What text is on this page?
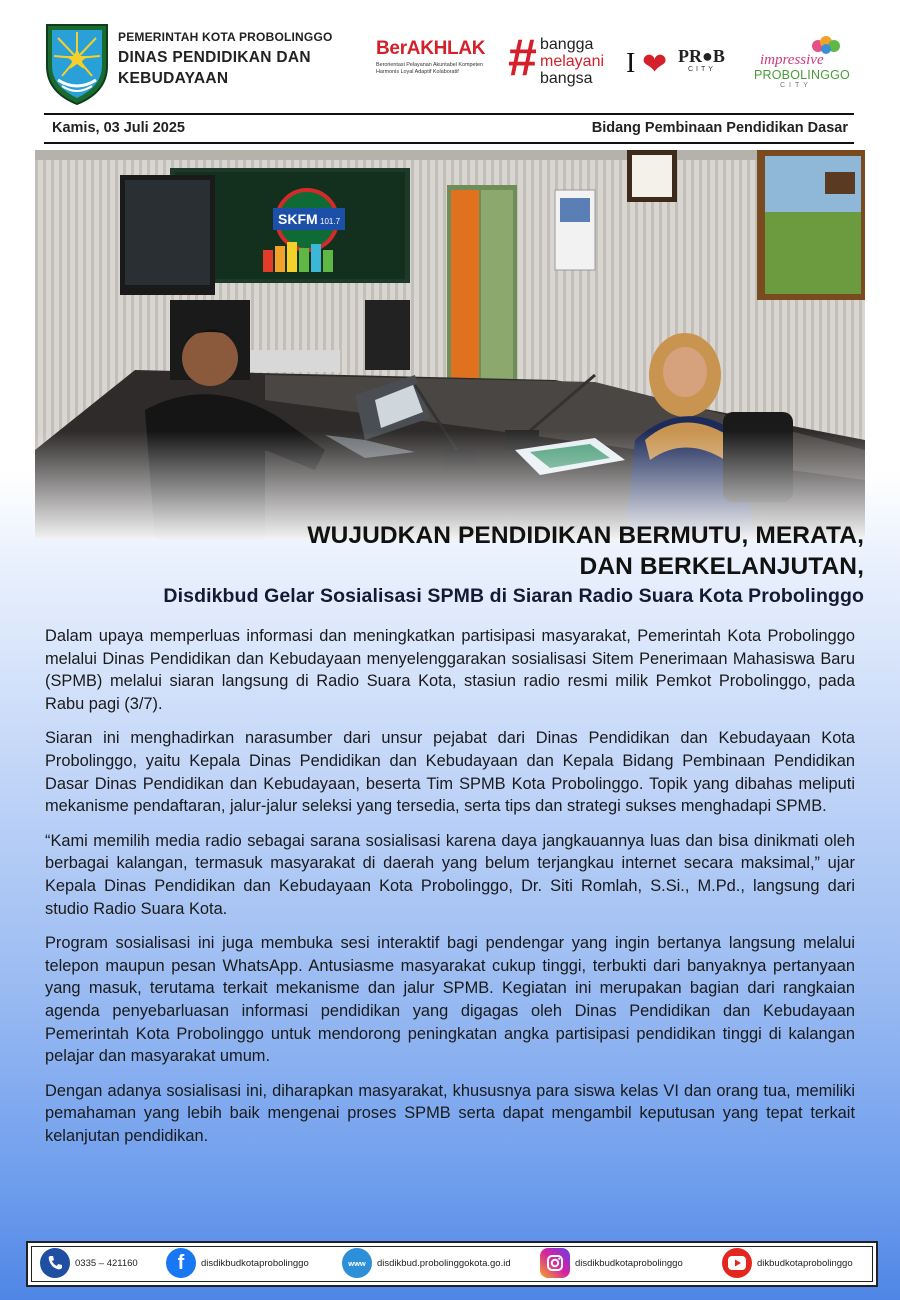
PEMERINTAH KOTA PROBOLINGGO
DINAS PENDIDIKAN DAN KEBUDAYAAN
BerAKHLAK
Berorientasi Pelayanan Akuntabel Kompeten Harmonis Loyal Adaptif Kolaboratif # bangga
melayani
bangsa	I ❤ PR●B
CITY
impressive
PROBOLINGGO
CITY
Kamis, 03 Juli 2025	Bidang Pembinaan Pendidikan Dasar
WUJUDKAN PENDIDIKAN BERMUTU, MERATA,
DAN BERKELANJUTAN,
Disdikbud Gelar Sosialisasi SPMB di Siaran Radio Suara Kota Probolinggo

Dalam upaya memperluas informasi dan meningkatkan partisipasi masyarakat, Pemerintah Kota Probolinggo melalui Dinas Pendidikan dan Kebudayaan menyelenggarakan sosialisasi Sitem Penerimaan Mahasiswa Baru (SPMB) melalui siaran langsung di Radio Suara Kota, stasiun radio resmi milik Pemkot Probolinggo, pada Rabu pagi (3/7).

Siaran ini menghadirkan narasumber dari unsur pejabat dari Dinas Pendidikan dan Kebudayaan Kota Probolinggo, yaitu Kepala Dinas Pendidikan dan Kebudayaan dan Kepala Bidang Pembinaan Pendidikan Dasar Dinas Pendidikan dan Kebudayaan, beserta Tim SPMB Kota Probolinggo. Topik yang dibahas meliputi mekanisme pendaftaran, jalur-jalur seleksi yang tersedia, serta tips dan strategi sukses menghadapi SPMB.

“Kami memilih media radio sebagai sarana sosialisasi karena daya jangkauannya luas dan bisa dinikmati oleh berbagai kalangan, termasuk masyarakat di daerah yang belum terjangkau internet secara maksimal,” ujar Kepala Dinas Pendidikan dan Kebudayaan Kota Probolinggo, Dr. Siti Romlah, S.Si., M.Pd., langsung dari studio Radio Suara Kota.

Program sosialisasi ini juga membuka sesi interaktif bagi pendengar yang ingin bertanya langsung melalui telepon maupun pesan WhatsApp. Antusiasme masyarakat cukup tinggi, terbukti dari banyaknya pertanyaan yang masuk, terutama terkait mekanisme dan jalur SPMB. Kegiatan ini merupakan bagian dari rangkaian agenda penyebarluasan informasi pendidikan yang digagas oleh Dinas Pendidikan dan Kebudayaan Pemerintah Kota Probolinggo untuk mendorong peningkatan angka partisipasi pendidikan tinggi di kalangan pelajar dan masyarakat umum.

Dengan adanya sosialisasi ini, diharapkan masyarakat, khususnya para siswa kelas VI dan orang tua, memiliki pemahaman yang lebih baik mengenai proses SPMB serta dapat mengambil keputusan yang tepat terkait kelanjutan pendidikan.

0335 – 421160	f	disdikbudkotaprobolinggo	www	disdikbud.probolinggokota.go.id	disdikbudkotaprobolinggo	dikbudkotaprobolinggo
